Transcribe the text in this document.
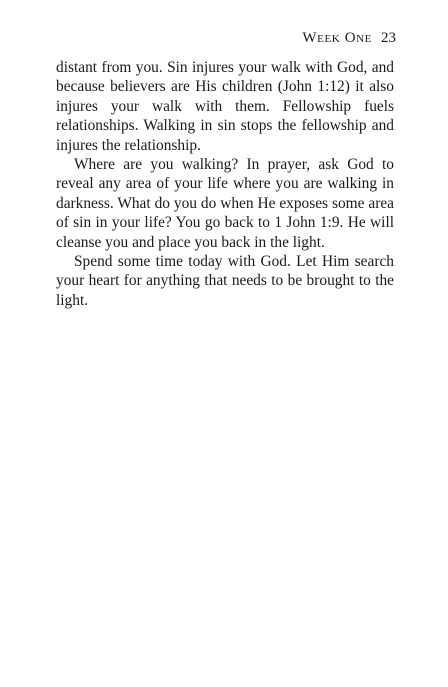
Week One 23

distant from you. Sin injures your walk with God, and because believers are His children (John 1:12) it also injures your walk with them. Fellowship fuels relationships. Walking in sin stops the fellowship and injures the relationship.

Where are you walking? In prayer, ask God to reveal any area of your life where you are walking in darkness. What do you do when He exposes some area of sin in your life? You go back to 1 John 1:9. He will cleanse you and place you back in the light.

Spend some time today with God. Let Him search your heart for anything that needs to be brought to the light.
